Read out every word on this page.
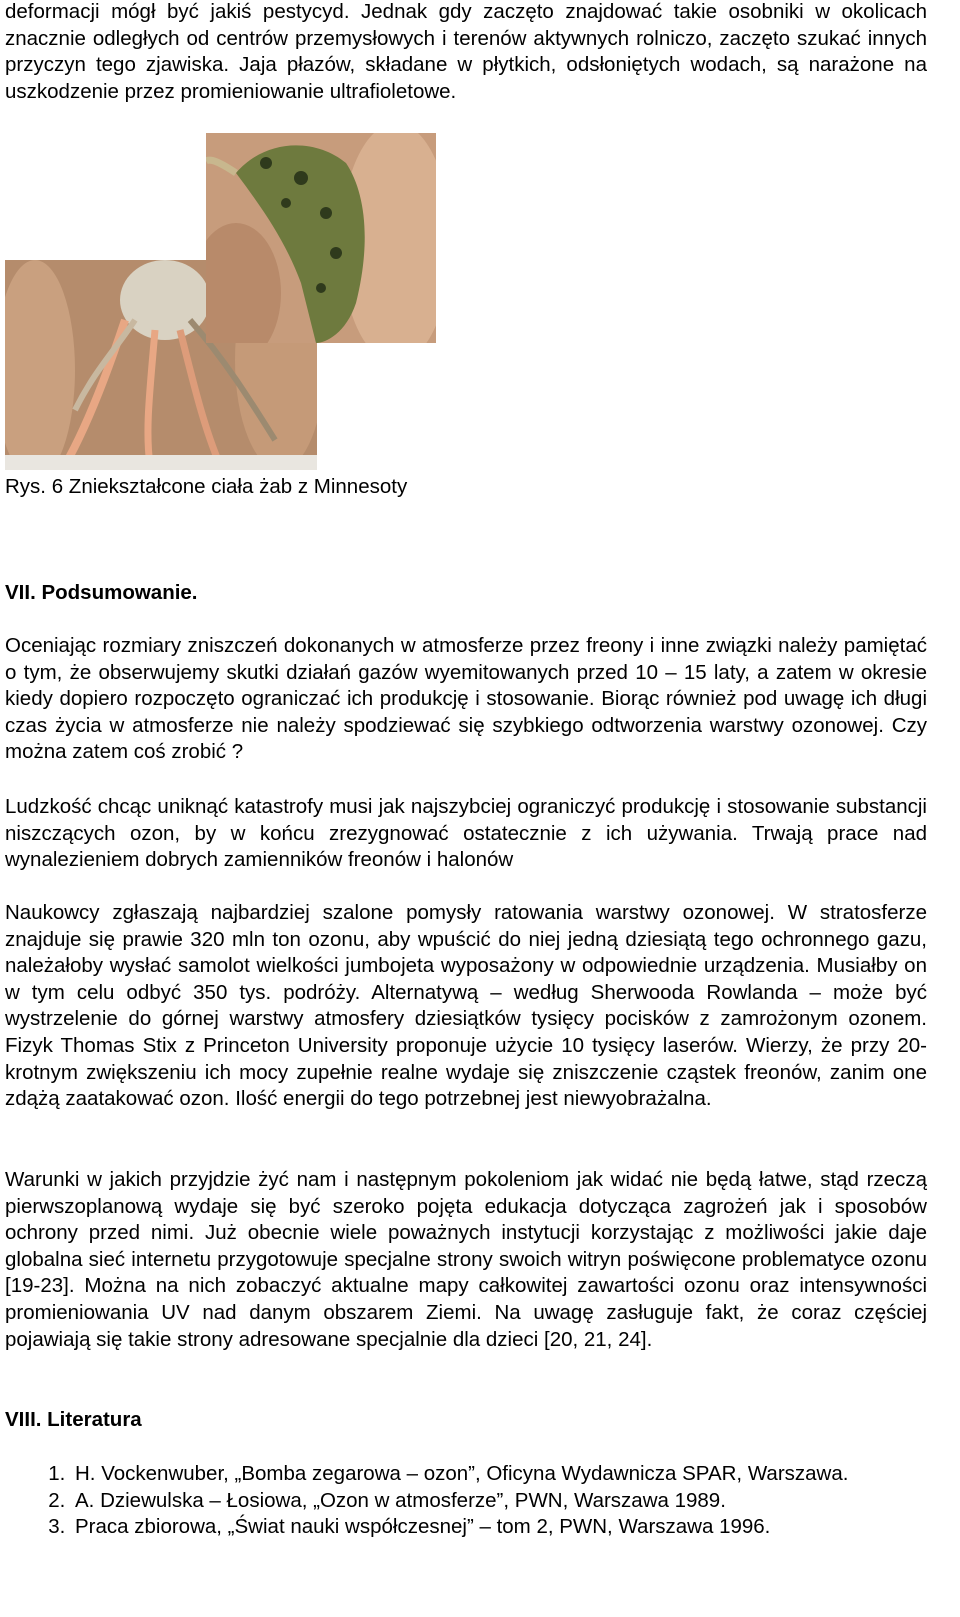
deformacji mógł być jakiś pestycyd. Jednak gdy zaczęto znajdować takie osobniki w okolicach znacznie odległych od centrów przemysłowych i terenów aktywnych rolniczo, zaczęto szukać innych przyczyn tego zjawiska. Jaja płazów, składane w płytkich, odsłoniętych wodach, są narażone na uszkodzenie przez promieniowanie ultrafioletowe.

Rys. 6 Zniekształcone ciała żab z Minnesoty

VII. Podsumowanie.

Oceniając rozmiary zniszczeń dokonanych w atmosferze przez freony i inne związki należy pamiętać o tym, że obserwujemy skutki działań gazów wyemitowanych przed 10 – 15 laty, a zatem w okresie kiedy dopiero rozpoczęto ograniczać ich produkcję i stosowanie. Biorąc również pod uwagę ich długi czas życia w atmosferze nie należy spodziewać się szybkiego odtworzenia warstwy ozonowej. Czy można zatem coś zrobić ?

Ludzkość chcąc uniknąć katastrofy musi jak najszybciej ograniczyć produkcję i stosowanie substancji niszczących ozon, by w końcu zrezygnować ostatecznie z ich używania. Trwają prace nad wynalezieniem dobrych zamienników freonów i halonów

Naukowcy zgłaszają najbardziej szalone pomysły ratowania warstwy ozonowej. W stratosferze znajduje się prawie 320 mln ton ozonu, aby wpuścić do niej jedną dziesiątą tego ochronnego gazu, należałoby wysłać samolot wielkości jumbojeta wyposażony w odpowiednie urządzenia. Musiałby on w tym celu odbyć 350 tys. podróży. Alternatywą – według Sherwooda Rowlanda – może być wystrzelenie do górnej warstwy atmosfery dziesiątków tysięcy pocisków z zamrożonym ozonem. Fizyk Thomas Stix z Princeton University proponuje użycie 10 tysięcy laserów. Wierzy, że przy 20-krotnym zwiększeniu ich mocy zupełnie realne wydaje się zniszczenie cząstek freonów, zanim one zdążą zaatakować ozon. Ilość energii do tego potrzebnej jest niewyobrażalna.

Warunki w jakich przyjdzie żyć nam i następnym pokoleniom jak widać nie będą łatwe, stąd rzeczą pierwszoplanową wydaje się być szeroko pojęta edukacja dotycząca zagrożeń jak i sposobów ochrony przed nimi. Już obecnie wiele poważnych instytucji korzystając z możliwości jakie daje globalna sieć internetu przygotowuje specjalne strony swoich witryn poświęcone problematyce ozonu [19-23]. Można na nich zobaczyć aktualne mapy całkowitej zawartości ozonu oraz intensywności promieniowania UV nad danym obszarem Ziemi. Na uwagę zasługuje fakt, że coraz częściej pojawiają się takie strony adresowane specjalnie dla dzieci [20, 21, 24].

VIII. Literatura
1. H. Vockenwuber, „Bomba zegarowa – ozon”, Oficyna Wydawnicza SPAR, Warszawa.
2. A. Dziewulska – Łosiowa, „Ozon w atmosferze”, PWN, Warszawa 1989.
3. Praca zbiorowa, „Świat nauki współczesnej” – tom 2, PWN, Warszawa 1996.
